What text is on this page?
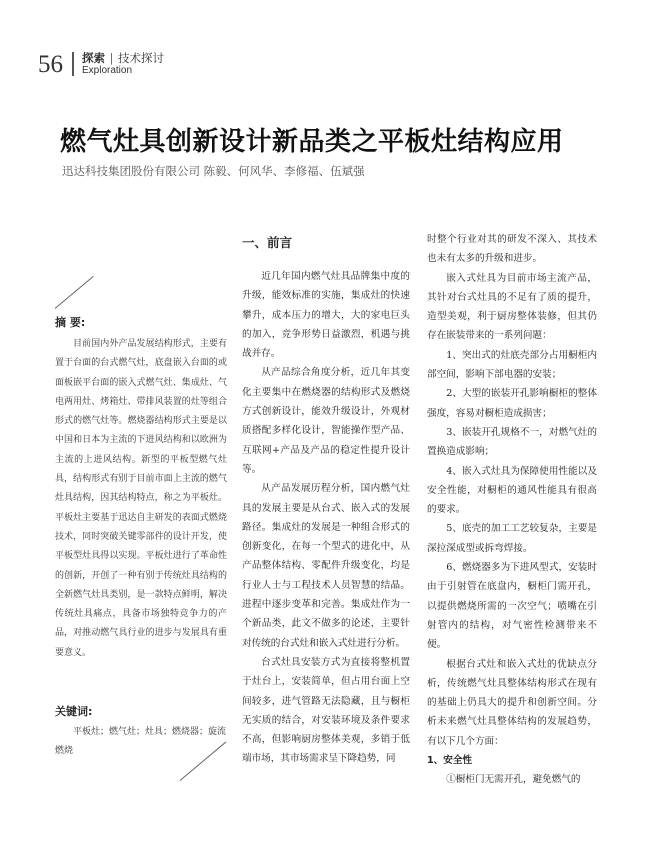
56 探索 | 技术探讨
Exploration
燃气灶具创新设计新品类之平板灶结构应用
迅达科技集团股份有限公司 陈毅、何风华、李修福、伍斌强
摘 要:

  目前国内外产品发展结构形式，主要有置于台面的台式燃气灶，底盘嵌入台面的或面板嵌平台面的嵌入式燃气灶、集成灶、气电两用灶、烤箱灶、带排风装置的灶等组合形式的燃气灶等。燃烧器结构形式主要是以中国和日本为主流的下进风结构和以欧洲为主流的上进风结构。新型的平板型燃气灶具，结构形式有别于目前市面上主流的燃气灶具结构，因其结构特点，称之为平板灶。平板灶主要基于迅达自主研发的表面式燃烧技术，同时突破关键零部件的设计开发，使平板型灶具得以实现。平板灶进行了革命性的创新，开创了一种有别于传统灶具结构的全新燃气灶具类别，是一款特点鲜明，解决传统灶具痛点，具备市场独特竞争力的产品，对推动燃气具行业的进步与发展具有重要意义。

关键词:

  平板灶；燃气灶；灶具；燃烧器；旋流燃烧

一、前言

近几年国内燃气灶具品牌集中度的升级，能效标准的实施，集成灶的快速攀升，成本压力的增大，大的家电巨头的加入，竞争形势日益激烈，机遇与挑战并存。

从产品综合角度分析，近几年其变化主要集中在燃烧器的结构形式及燃烧方式创新设计，能效升级设计，外观材质搭配多样化设计，智能操作型产品、互联网+产品及产品的稳定性提升设计等。

从产品发展历程分析，国内燃气灶具的发展主要是从台式、嵌入式的发展路径。集成灶的发展是一种组合形式的创新变化，在每一个型式的进化中，从产品整体结构、零配件升级变化，均是行业人士与工程技术人员智慧的结晶。进程中逐步变革和完善。集成灶作为一个新品类，此文不做多的论述，主要针对传统的台式灶和嵌入式灶进行分析。

台式灶具安装方式为直接将整机置于灶台上，安装简单，但占用台面上空间较多，进气管路无法隐藏，且与橱柜无实质的结合，对安装环境及条件要求不高，但影响厨房整体美观，多销于低端市场，其市场需求呈下降趋势，同

时整个行业对其的研发不深入、其技术也未有太多的升级和进步。

嵌入式灶具为目前市场主流产品，其针对台式灶具的不足有了质的提升，造型美观，利于厨房整体装修，但其仍存在嵌装带来的一系列问题：

1、突出式的灶底壳部分占用橱柜内部空间，影响下部电器的安装；

2、大型的嵌装开孔影响橱柜的整体强度，容易对橱柜造成损害；

3、嵌装开孔规格不一，对燃气灶的置换造成影响；

4、嵌入式灶具为保障使用性能以及安全性能，对橱柜的通风性能具有很高的要求。

5、底壳的加工工艺较复杂，主要是深拉深成型或拆弯焊接。

6、燃烧器多为下进风型式，安装时由于引射管在底盘内，橱柜门需开孔，以提供燃烧所需的一次空气；喷嘴在引射管内的结构，对气密性检测带来不便。

根据台式灶和嵌入式灶的优缺点分析，传统燃气灶具整体结构形式在现有的基础上仍具大的提升和创新空间。分析未来燃气灶具整体结构的发展趋势，有以下几个方面：

1、安全性

①橱柜门无需开孔，避免燃气的
